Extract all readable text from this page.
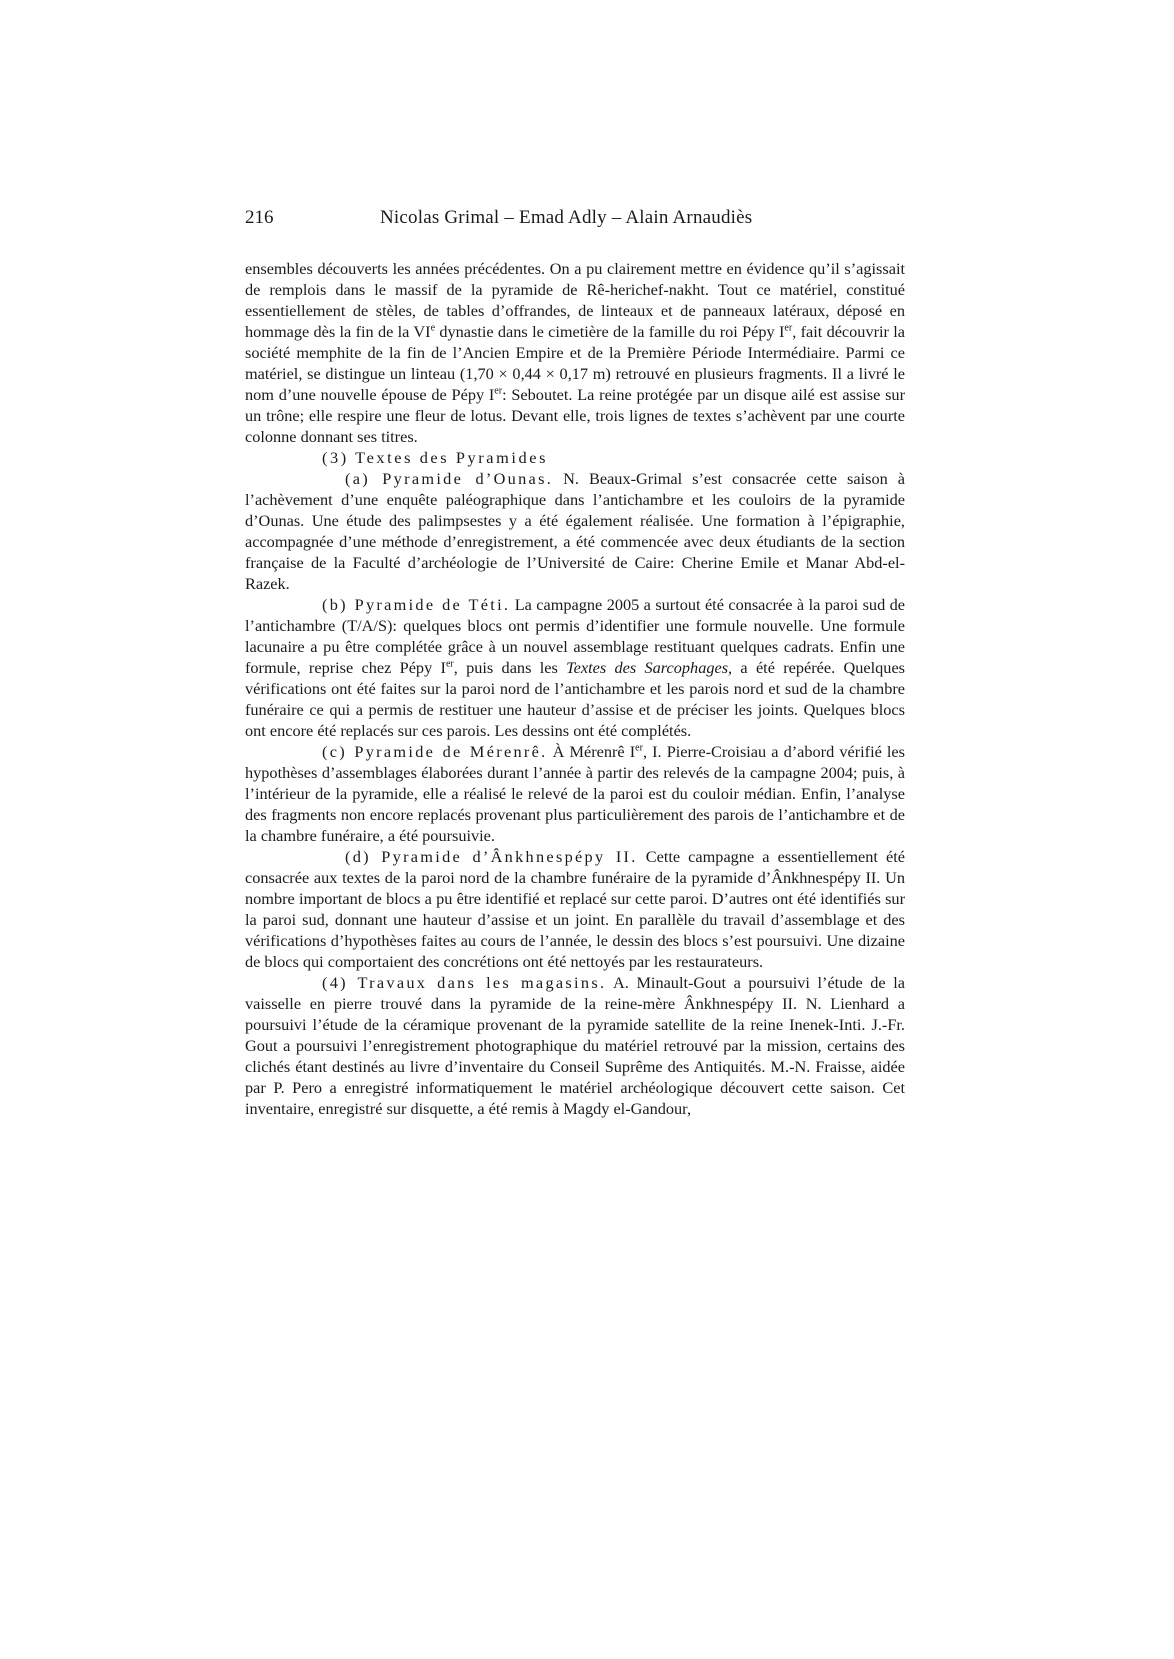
216	Nicolas Grimal – Emad Adly – Alain Arnaudiès

ensembles découverts les années précédentes. On a pu clairement mettre en évidence qu’il s’agissait de remplois dans le massif de la pyramide de Rê-herichef-nakht. Tout ce matériel, constitué essentiellement de stèles, de tables d’offrandes, de linteaux et de panneaux latéraux, déposé en hommage dès la fin de la VIe dynastie dans le cimetière de la famille du roi Pépy Ier, fait découvrir la société memphite de la fin de l’Ancien Empire et de la Première Période Intermédiaire. Parmi ce matériel, se distingue un linteau (1,70 × 0,44 × 0,17 m) retrouvé en plusieurs fragments. Il a livré le nom d’une nouvelle épouse de Pépy Ier: Seboutet. La reine protégée par un disque ailé est assise sur un trône; elle respire une fleur de lotus. Devant elle, trois lignes de textes s’achèvent par une courte colonne donnant ses titres.

(3) Textes des Pyramides

(a) Pyramide d’Ounas. N. Beaux-Grimal s’est consacrée cette saison à l’achèvement d’une enquête paléographique dans l’antichambre et les couloirs de la pyramide d’Ounas. Une étude des palimpsestes y a été également réalisée. Une formation à l’épigraphie, accompagnée d’une méthode d’enregistrement, a été commencée avec deux étudiants de la section française de la Faculté d’archéologie de l’Université de Caire: Cherine Emile et Manar Abd-el-Razek.

(b) Pyramide de Téti. La campagne 2005 a surtout été consacrée à la paroi sud de l’antichambre (T/A/S): quelques blocs ont permis d’identifier une formule nouvelle. Une formule lacunaire a pu être complétée grâce à un nouvel assemblage restituant quelques cadrats. Enfin une formule, reprise chez Pépy Ier, puis dans les Textes des Sarcophages, a été repérée. Quelques vérifications ont été faites sur la paroi nord de l’antichambre et les parois nord et sud de la chambre funéraire ce qui a permis de restituer une hauteur d’assise et de préciser les joints. Quelques blocs ont encore été replacés sur ces parois. Les dessins ont été complétés.

(c) Pyramide de Mérenrê. À Mérenrê Ier, I. Pierre-Croisiau a d’abord vérifié les hypothèses d’assemblages élaborées durant l’année à partir des relevés de la campagne 2004; puis, à l’intérieur de la pyramide, elle a réalisé le relevé de la paroi est du couloir médian. Enfin, l’analyse des fragments non encore replacés provenant plus particulièrement des parois de l’antichambre et de la chambre funéraire, a été poursuivie.

(d) Pyramide d’Ânkhnespépy II. Cette campagne a essentiellement été consacrée aux textes de la paroi nord de la chambre funéraire de la pyramide d’Ânkhnespépy II. Un nombre important de blocs a pu être identifié et replacé sur cette paroi. D’autres ont été identifiés sur la paroi sud, donnant une hauteur d’assise et un joint. En parallèle du travail d’assemblage et des vérifications d’hypothèses faites au cours de l’année, le dessin des blocs s’est poursuivi. Une dizaine de blocs qui comportaient des concrétions ont été nettoyés par les restaurateurs.

(4) Travaux dans les magasins. A. Minault-Gout a poursuivi l’étude de la vaisselle en pierre trouvé dans la pyramide de la reine-mère Ânkhnespépy II. N. Lienhard a poursuivi l’étude de la céramique provenant de la pyramide satellite de la reine Inenek-Inti. J.-Fr. Gout a poursuivi l’enregistrement photographique du matériel retrouvé par la mission, certains des clichés étant destinés au livre d’inventaire du Conseil Suprême des Antiquités. M.-N. Fraisse, aidée par P. Pero a enregistré informatiquement le matériel archéologique découvert cette saison. Cet inventaire, enregistré sur disquette, a été remis à Magdy el-Gandour,
